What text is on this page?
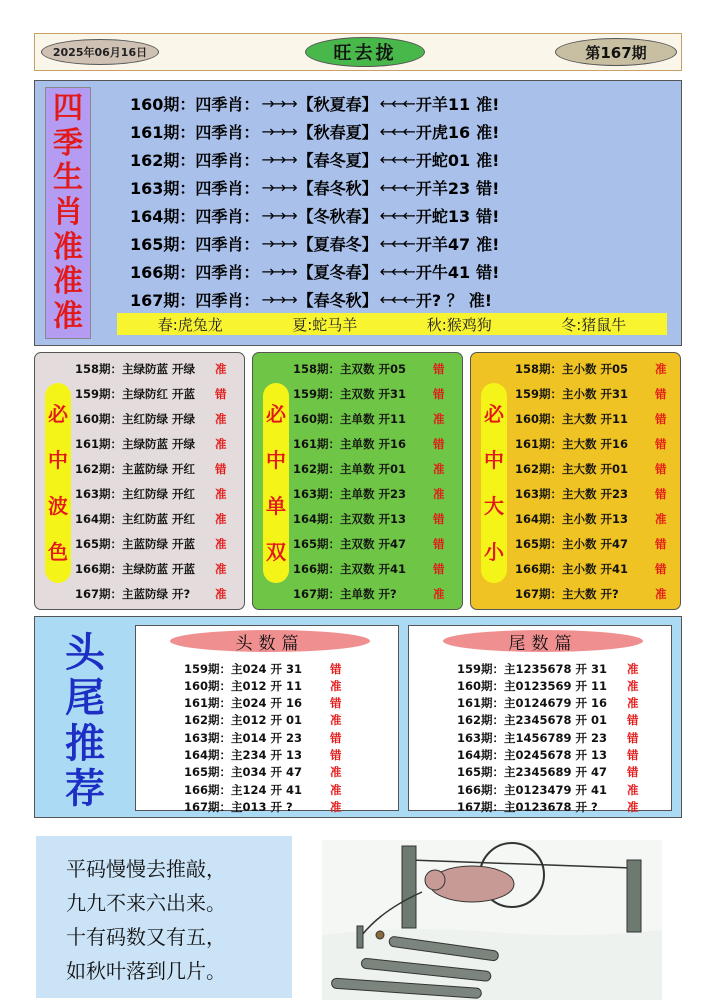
2025年06月16日	旺去拢	第167期
四
季
生
肖
准
准
准	春:虎兔龙	夏:蛇马羊	秋:猴鸡狗	冬:猪鼠牛
160期： 四季肖： →→→ 【秋夏春】 ←←← 开羊11 准!
161期： 四季肖： →→→ 【秋春夏】 ←←← 开虎16 准!
162期： 四季肖： →→→ 【春冬夏】 ←←← 开蛇01 准!
163期： 四季肖： →→→ 【春冬秋】 ←←← 开羊23 错!
164期： 四季肖： →→→ 【冬秋春】 ←←← 开蛇13 错!
165期： 四季肖： →→→ 【夏春冬】 ←←← 开羊47 准!
166期： 四季肖： →→→ 【夏冬春】 ←←← 开牛41 错!
167期： 四季肖： →→→ 【春冬秋】 ←←← 开? ？ 准!
必
中
波
色
158期：主绿防蓝 开绿 准
159期：主绿防红 开蓝 错
160期：主红防绿 开绿 准
161期：主绿防蓝 开绿 准
162期：主蓝防绿 开红 错
163期：主红防绿 开红 准
164期：主红防蓝 开红 准
165期：主蓝防绿 开蓝 准
166期：主绿防蓝 开蓝 准
167期：主蓝防绿 开? 准
必
中
单
双
158期：主双数 开05 错
159期：主双数 开31 错
160期：主单数 开11 准
161期：主单数 开16 错
162期：主单数 开01 准
163期：主单数 开23 准
164期：主双数 开13 错
165期：主双数 开47 错
166期：主双数 开41 错
167期：主单数 开?	准
必
中
大
小
158期：主小数 开05 准
159期：主小数 开31 错
160期：主大数 开11 错
161期：主大数 开16 错
162期：主大数 开01 错
163期：主大数 开23 错
164期：主小数 开13 准
165期：主小数 开47 错
166期：主小数 开41 错
167期：主大数 开?	准
头
尾
推
荐
头数篇
159期：主024 开 31 错
160期：主012 开 11 准
161期：主024 开 16 错
162期：主012 开 01 准
163期：主014 开 23 错
164期：主234 开 13 错
165期：主034 开 47 准
166期：主124 开 41 准
167期：主013 开 ?	准
尾数篇
159期：主1235678 开 31 准
160期：主0123569 开 11 准
161期：主0124679 开 16 准
162期：主2345678 开 01 错
163期：主1456789 开 23 错
164期：主0245678 开 13 错
165期：主2345689 开 47 错
166期：主0123479 开 41 准
167期：主0123678 开 ?	准
平码慢慢去推敲，
九九不来六出来。
十有码数又有五，
如秋叶落到几片。
